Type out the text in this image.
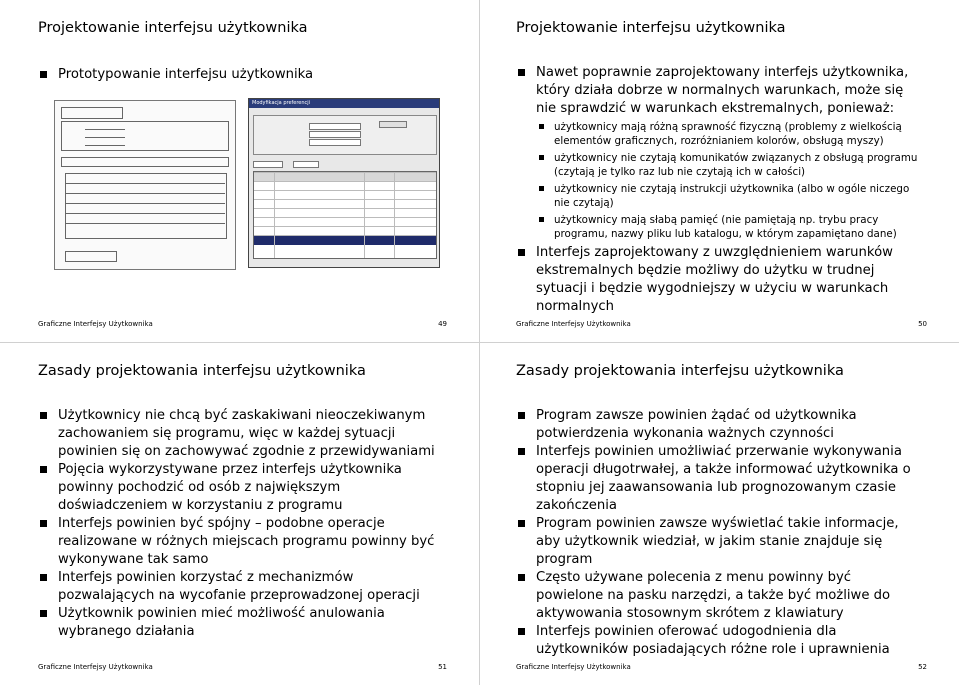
Projektowanie interfejsu użytkownika
Prototypowanie interfejsu użytkownika
Modyfikacja preferencji
Graficzne Interfejsy Użytkownika	49
Projektowanie interfejsu użytkownika
Nawet poprawnie zaprojektowany interfejs użytkownika, który działa dobrze w normalnych warunkach, może się nie sprawdzić w warunkach ekstremalnych, ponieważ:
użytkownicy mają różną sprawność fizyczną (problemy z wielkością elementów graficznych, rozróżnianiem kolorów, obsługą myszy)
użytkownicy nie czytają komunikatów związanych z obsługą programu (czytają je tylko raz lub nie czytają ich w całości)
użytkownicy nie czytają instrukcji użytkownika (albo w ogóle niczego nie czytają)
użytkownicy mają słabą pamięć (nie pamiętają np. trybu pracy programu, nazwy pliku lub katalogu, w którym zapamiętano dane)
Interfejs zaprojektowany z uwzględnieniem warunków ekstremalnych będzie możliwy do użytku w trudnej sytuacji i będzie wygodniejszy w użyciu w warunkach normalnych
Graficzne Interfejsy Użytkownika	50
Zasady projektowania interfejsu użytkownika
Użytkownicy nie chcą być zaskakiwani nieoczekiwanym zachowaniem się programu, więc w każdej sytuacji powinien się on zachowywać zgodnie z przewidywaniami
Pojęcia wykorzystywane przez interfejs użytkownika powinny pochodzić od osób z największym doświadczeniem w korzystaniu z programu
Interfejs powinien być spójny – podobne operacje realizowane w różnych miejscach programu powinny być wykonywane tak samo
Interfejs powinien korzystać z mechanizmów pozwalających na wycofanie przeprowadzonej operacji
Użytkownik powinien mieć możliwość anulowania wybranego działania
Graficzne Interfejsy Użytkownika	51
Zasady projektowania interfejsu użytkownika
Program zawsze powinien żądać od użytkownika potwierdzenia wykonania ważnych czynności
Interfejs powinien umożliwiać przerwanie wykonywania operacji długotrwałej, a także informować użytkownika o stopniu jej zaawansowania lub prognozowanym czasie zakończenia
Program powinien zawsze wyświetlać takie informacje, aby użytkownik wiedział, w jakim stanie znajduje się program
Często używane polecenia z menu powinny być powielone na pasku narzędzi, a także być możliwe do aktywowania stosownym skrótem z klawiatury
Interfejs powinien oferować udogodnienia dla użytkowników posiadających różne role i uprawnienia
Graficzne Interfejsy Użytkownika	52
